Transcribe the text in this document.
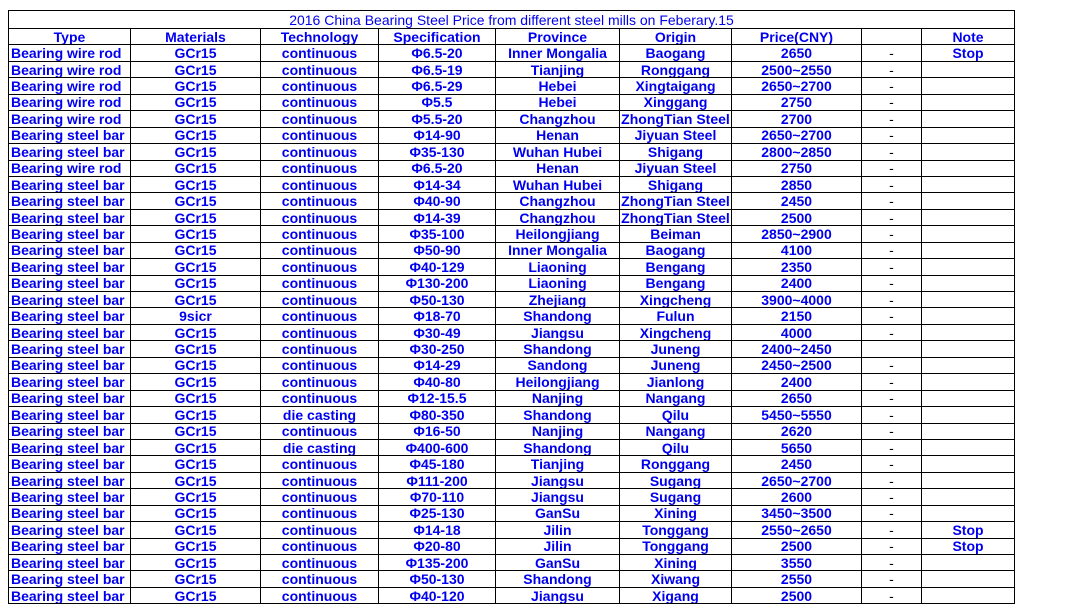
2016 China Bearing Steel Price from different steel mills on Feberary.15								
Type	Materials	Technology	Specification	Province	Origin	Price(CNY)		Note
Bearing wire rod	GCr15	continuous	Φ6.5-20	Inner Mongalia	Baogang	2650	-	Stop
Bearing wire rod	GCr15	continuous	Φ6.5-19	Tianjing	Ronggang	2500~2550	-	
Bearing wire rod	GCr15	continuous	Φ6.5-29	Hebei	Xingtaigang	2650~2700	-	
Bearing wire rod	GCr15	continuous	Φ5.5	Hebei	Xinggang	2750	-	
Bearing wire rod	GCr15	continuous	Φ5.5-20	Changzhou	ZhongTian Steel	2700	-	
Bearing steel bar	GCr15	continuous	Φ14-90	Henan	Jiyuan Steel	2650~2700	-	
Bearing steel bar	GCr15	continuous	Φ35-130	Wuhan Hubei	Shigang	2800~2850	-	
Bearing wire rod	GCr15	continuous	Φ6.5-20	Henan	Jiyuan Steel	2750	-	
Bearing steel bar	GCr15	continuous	Φ14-34	Wuhan Hubei	Shigang	2850	-	
Bearing steel bar	GCr15	continuous	Φ40-90	Changzhou	ZhongTian Steel	2450	-	
Bearing steel bar	GCr15	continuous	Φ14-39	Changzhou	ZhongTian Steel	2500	-	
Bearing steel bar	GCr15	continuous	Φ35-100	Heilongjiang	Beiman	2850~2900	-	
Bearing steel bar	GCr15	continuous	Φ50-90	Inner Mongalia	Baogang	4100	-	
Bearing steel bar	GCr15	continuous	Φ40-129	Liaoning	Bengang	2350	-	
Bearing steel bar	GCr15	continuous	Φ130-200	Liaoning	Bengang	2400	-	
Bearing steel bar	GCr15	continuous	Φ50-130	Zhejiang	Xingcheng	3900~4000	-	
Bearing steel bar	9sicr	continuous	Φ18-70	Shandong	Fulun	2150	-	
Bearing steel bar	GCr15	continuous	Φ30-49	Jiangsu	Xingcheng	4000	-	
Bearing steel bar	GCr15	continuous	Φ30-250	Shandong	Juneng	2400~2450		
Bearing steel bar	GCr15	continuous	Φ14-29	Sandong	Juneng	2450~2500	-	
Bearing steel bar	GCr15	continuous	Φ40-80	Heilongjiang	Jianlong	2400	-	
Bearing steel bar	GCr15	continuous	Φ12-15.5	Nanjing	Nangang	2650	-	
Bearing steel bar	GCr15	die casting	Φ80-350	Shandong	Qilu	5450~5550	-	
Bearing steel bar	GCr15	continuous	Φ16-50	Nanjing	Nangang	2620	-	
Bearing steel bar	GCr15	die casting	Φ400-600	Shandong	Qilu	5650	-	
Bearing steel bar	GCr15	continuous	Φ45-180	Tianjing	Ronggang	2450	-	
Bearing steel bar	GCr15	continuous	Φ111-200	Jiangsu	Sugang	2650~2700	-	
Bearing steel bar	GCr15	continuous	Φ70-110	Jiangsu	Sugang	2600	-	
Bearing steel bar	GCr15	continuous	Φ25-130	GanSu	Xining	3450~3500	-	
Bearing steel bar	GCr15	continuous	Φ14-18	Jilin	Tonggang	2550~2650	-	Stop
Bearing steel bar	GCr15	continuous	Φ20-80	Jilin	Tonggang	2500	-	Stop
Bearing steel bar	GCr15	continuous	Φ135-200	GanSu	Xining	3550	-	
Bearing steel bar	GCr15	continuous	Φ50-130	Shandong	Xiwang	2550	-	
Bearing steel bar	GCr15	continuous	Φ40-120	Jiangsu	Xigang	2500	-	
